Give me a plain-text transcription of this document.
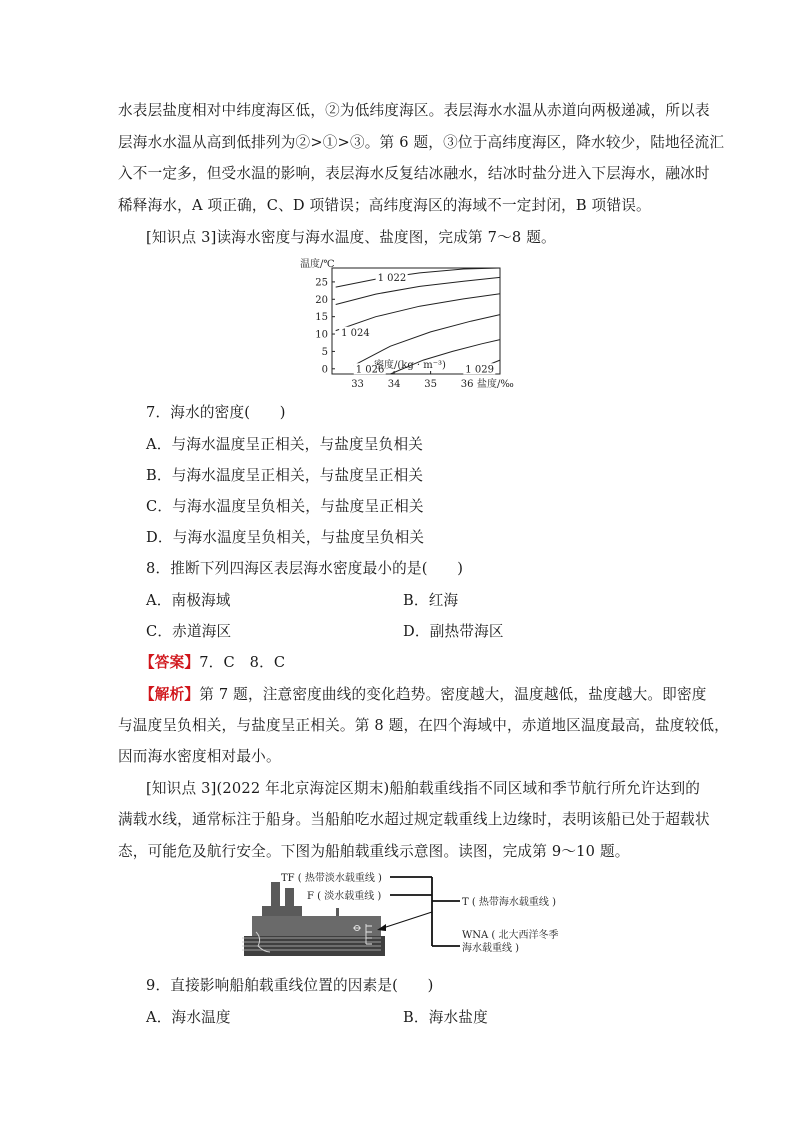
水表层盐度相对中纬度海区低，②为低纬度海区。表层海水水温从赤道向两极递减，所以表
层海水水温从高到低排列为②>①>③。第 6 题，③位于高纬度海区，降水较少，陆地径流汇
入不一定多，但受水温的影响，表层海水反复结冰融水，结冰时盐分进入下层海水，融冰时
稀释海水，A 项正确，C、D 项错误；高纬度海区的海域不一定封闭，B 项错误。
[知识点 3]读海水密度与海水温度、盐度图，完成第 7～8 题。
温度/℃
0
5
10
15
20
25
33 34 35 36
1 022
1 024
1 026	1 029
密度/(kg · m⁻³)
盐度/‰
7．海水的密度(　　)
A．与海水温度呈正相关，与盐度呈负相关
B．与海水温度呈正相关，与盐度呈正相关
C．与海水温度呈负相关，与盐度呈正相关
D．与海水温度呈负相关，与盐度呈负相关
8．推断下列四海区表层海水密度最小的是(　　)
A．南极海域	B．红海
C．赤道海区	D．副热带海区
【答案】7．C　8．C
【解析】第 7 题，注意密度曲线的变化趋势。密度越大，温度越低，盐度越大。即密度
与温度呈负相关，与盐度呈正相关。第 8 题，在四个海域中，赤道地区温度最高，盐度较低，
因而海水密度相对最小。
[知识点 3](2022 年北京海淀区期末)船舶载重线指不同区域和季节航行所允许达到的
满载水线，通常标注于船身。当船舶吃水超过规定载重线上边缘时，表明该船已处于超载状
态，可能危及航行安全。下图为船舶载重线示意图。读图，完成第 9～10 题。
TF ( 热带淡水载重线 )
F ( 淡水载重线 )
T ( 热带海水载重线 )
WNA ( 北大西洋冬季
海水载重线 )
9．直接影响船舶载重线位置的因素是(　　)
A．海水温度	B．海水盐度
